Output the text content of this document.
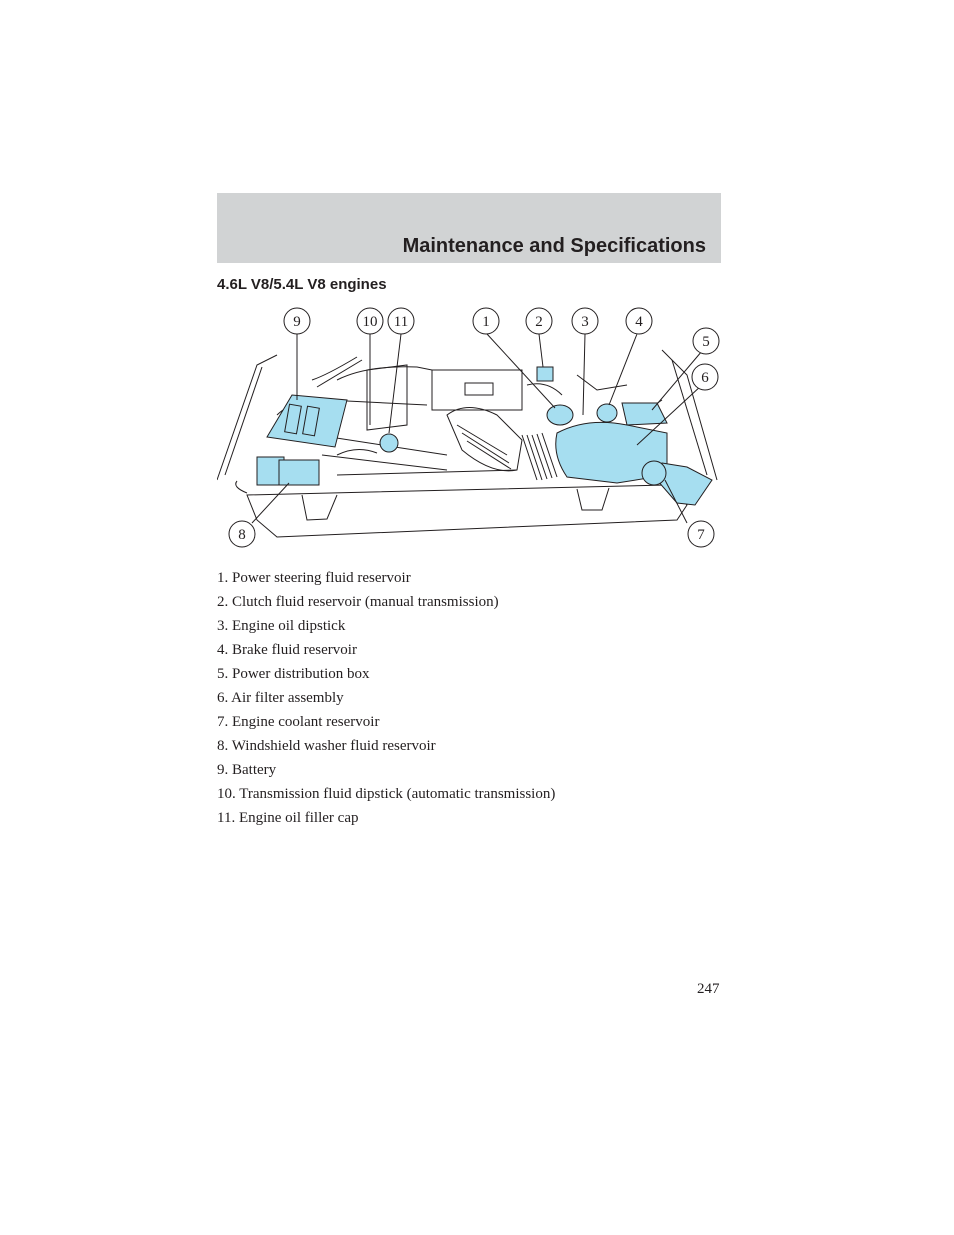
Maintenance and Specifications
4.6L V8/5.4L V8 engines
9	10 11	1	2	3	4
5
6
7
8
1. Power steering fluid reservoir
2. Clutch fluid reservoir (manual transmission)
3. Engine oil dipstick
4. Brake fluid reservoir
5. Power distribution box
6. Air filter assembly
7. Engine coolant reservoir
8. Windshield washer fluid reservoir
9. Battery
10. Transmission fluid dipstick (automatic transmission)
11. Engine oil filler cap
247
